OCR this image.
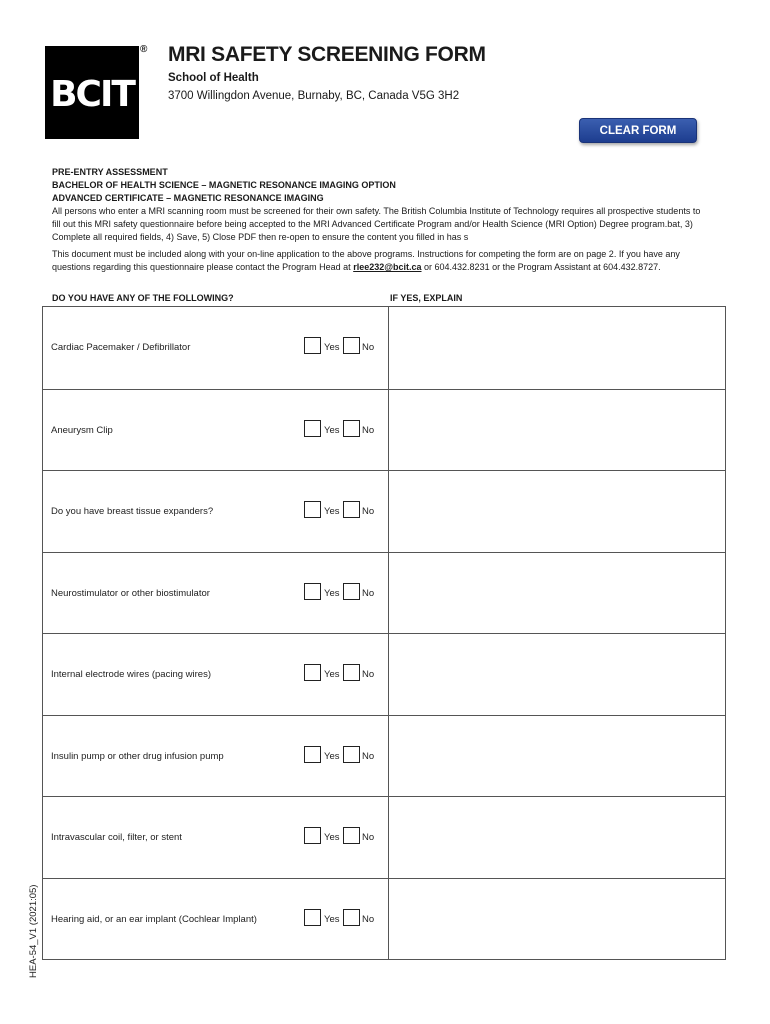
BCIT
® MRI SAFETY SCREENING FORM
School of Health
3700 Willingdon Avenue, Burnaby, BC, Canada V5G 3H2
CLEAR FORM
PRE-ENTRY ASSESSMENT
BACHELOR OF HEALTH SCIENCE – MAGNETIC RESONANCE IMAGING OPTION
ADVANCED CERTIFICATE – MAGNETIC RESONANCE IMAGING

All persons who enter a MRI scanning room must be screened for their own safety. The British Columbia Institute of Technology requires all prospective students to fill out this MRI safety questionnaire before being accepted to the MRI Advanced Certificate Program and/or Health Science (MRI Option) Degree program.bat, 3) Complete all required fields, 4) Save, 5) Close PDF then re-open to ensure the content you filled in has s

This document must be included along with your on-line application to the above programs. Instructions for competing the form are on page 2. If you have any questions regarding this questionnaire please contact the Program Head at rlee232@bcit.ca or 604.432.8231 or the Program Assistant at 604.432.8727.

DO YOU HAVE ANY OF THE FOLLOWING?	IF YES, EXPLAIN
Cardiac Pacemaker / Defibrillator	Yes No
Aneurysm Clip	Yes No
Do you have breast tissue expanders?	Yes No
Neurostimulator or other biostimulator	Yes No
Internal electrode wires (pacing wires)	Yes No
Insulin pump or other drug infusion pump	Yes No
Intravascular coil, filter, or stent	Yes No
Hearing aid, or an ear implant (Cochlear Implant)	Yes No
HEA-54_V1 (2021:05)
